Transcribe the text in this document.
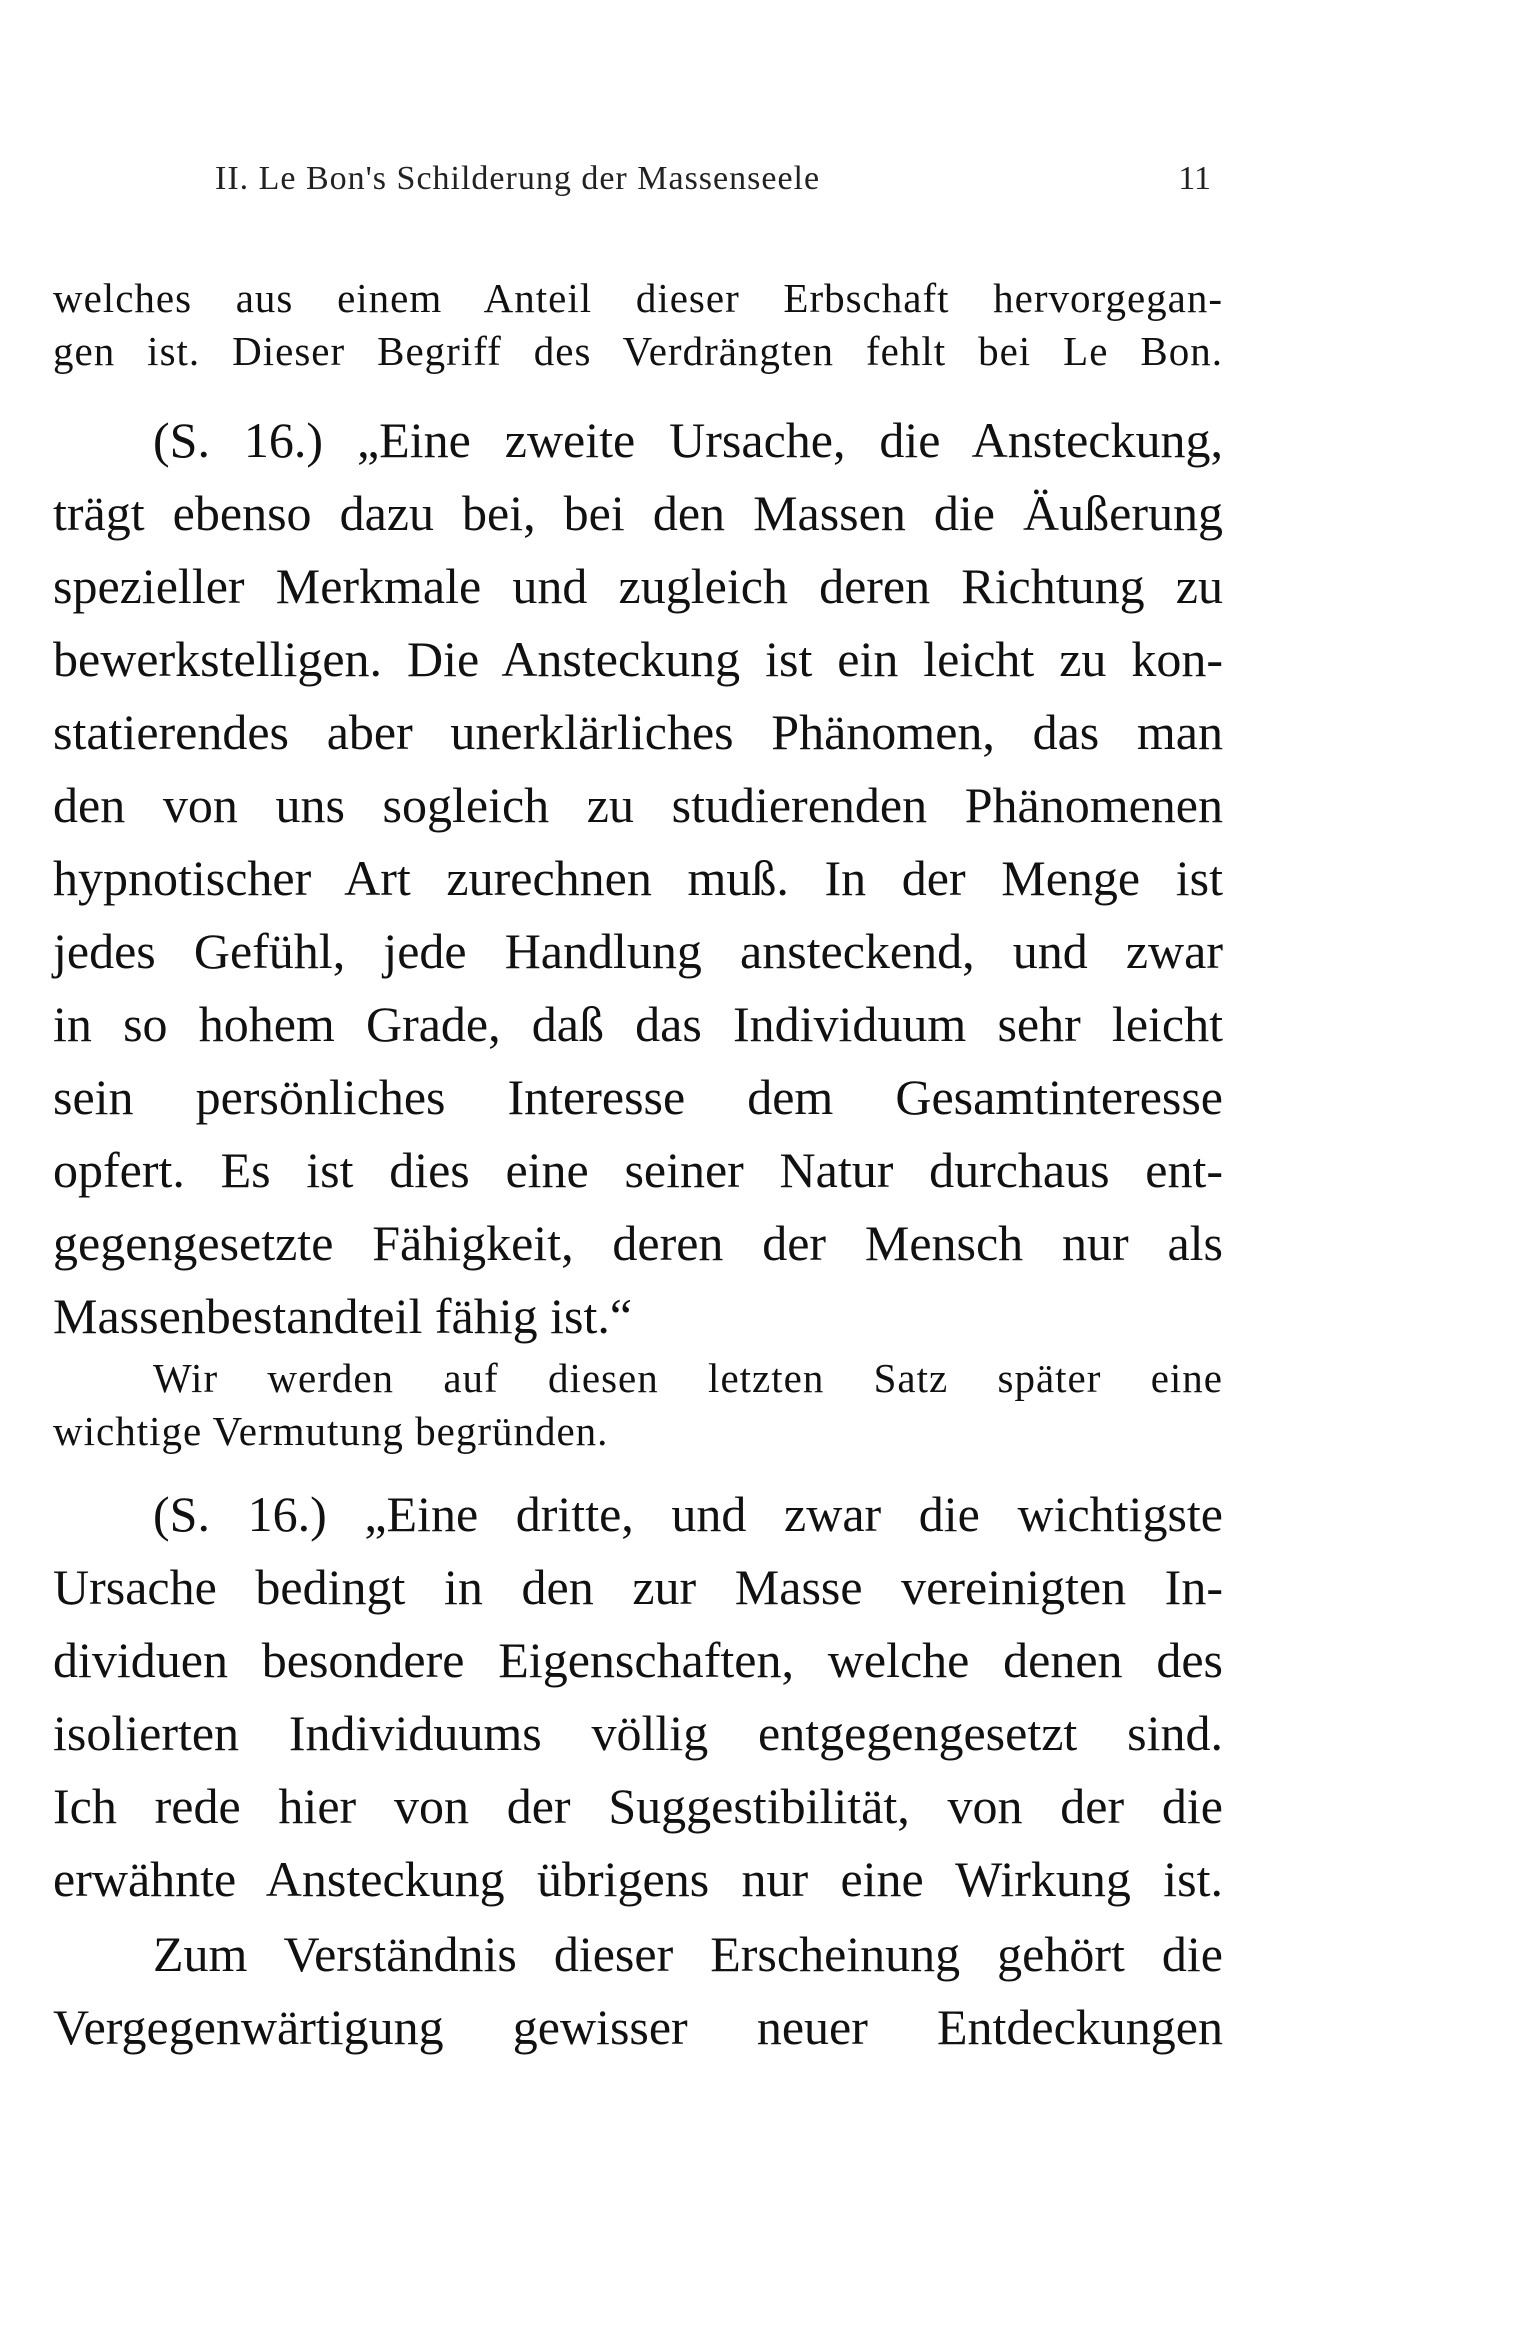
II. Le Bon's Schilderung der Massenseele	11
welches aus einem Anteil dieser Erbschaft hervorgegan-
gen ist. Dieser Begriff des Verdrängten fehlt bei Le Bon.
(S. 16.) „Eine zweite Ursache, die Ansteckung,
trägt ebenso dazu bei, bei den Massen die Äußerung
spezieller Merkmale und zugleich deren Richtung zu
bewerkstelligen. Die Ansteckung ist ein leicht zu kon-
statierendes aber unerklärliches Phänomen, das man
den von uns sogleich zu studierenden Phänomenen
hypnotischer Art zurechnen muß. In der Menge ist
jedes Gefühl, jede Handlung ansteckend, und zwar
in so hohem Grade, daß das Individuum sehr leicht
sein persönliches Interesse dem Gesamtinteresse
opfert. Es ist dies eine seiner Natur durchaus ent-
gegengesetzte Fähigkeit, deren der Mensch nur als
Massenbestandteil fähig ist.“
Wir werden auf diesen letzten Satz später eine
wichtige Vermutung begründen.
(S. 16.) „Eine dritte, und zwar die wichtigste
Ursache bedingt in den zur Masse vereinigten In-
dividuen besondere Eigenschaften, welche denen des
isolierten Individuums völlig entgegengesetzt sind.
Ich rede hier von der Suggestibilität, von der die
erwähnte Ansteckung übrigens nur eine Wirkung ist.
Zum Verständnis dieser Erscheinung gehört die
Vergegenwärtigung gewisser neuer Entdeckungen
